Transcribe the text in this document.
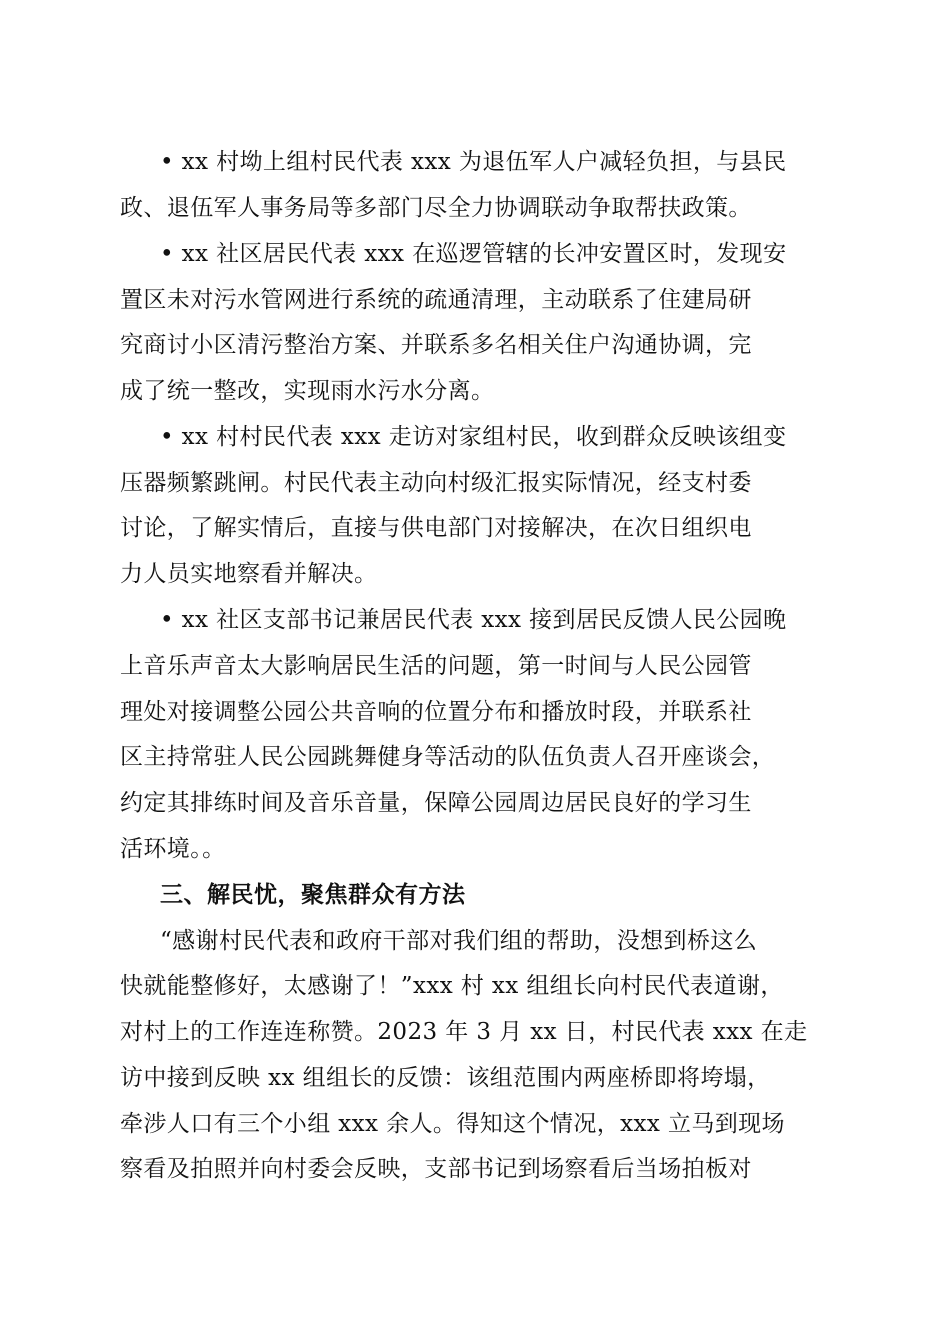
• xx 村坳上组村民代表 xxx 为退伍军人户减轻负担，与县民
政、退伍军人事务局等多部门尽全力协调联动争取帮扶政策。
• xx 社区居民代表 xxx 在巡逻管辖的长冲安置区时，发现安
置区未对污水管网进行系统的疏通清理，主动联系了住建局研
究商讨小区清污整治方案、并联系多名相关住户沟通协调，完
成了统一整改，实现雨水污水分离。
• xx 村村民代表 xxx 走访对家组村民，收到群众反映该组变
压器频繁跳闸。村民代表主动向村级汇报实际情况，经支村委
讨论，了解实情后，直接与供电部门对接解决，在次日组织电
力人员实地察看并解决。
• xx 社区支部书记兼居民代表 xxx 接到居民反馈人民公园晚
上音乐声音太大影响居民生活的问题，第一时间与人民公园管
理处对接调整公园公共音响的位置分布和播放时段，并联系社
区主持常驻人民公园跳舞健身等活动的队伍负责人召开座谈会，
约定其排练时间及音乐音量，保障公园周边居民良好的学习生
活环境。。
三、解民忧，聚焦群众有方法
“感谢村民代表和政府干部对我们组的帮助，没想到桥这么
快就能整修好，太感谢了！”xxx 村 xx 组组长向村民代表道谢，
对村上的工作连连称赞。2023 年 3 月 xx 日，村民代表 xxx 在走
访中接到反映 xx 组组长的反馈：该组范围内两座桥即将垮塌，
牵涉人口有三个小组 xxx 余人。得知这个情况，xxx 立马到现场
察看及拍照并向村委会反映，支部书记到场察看后当场拍板对
